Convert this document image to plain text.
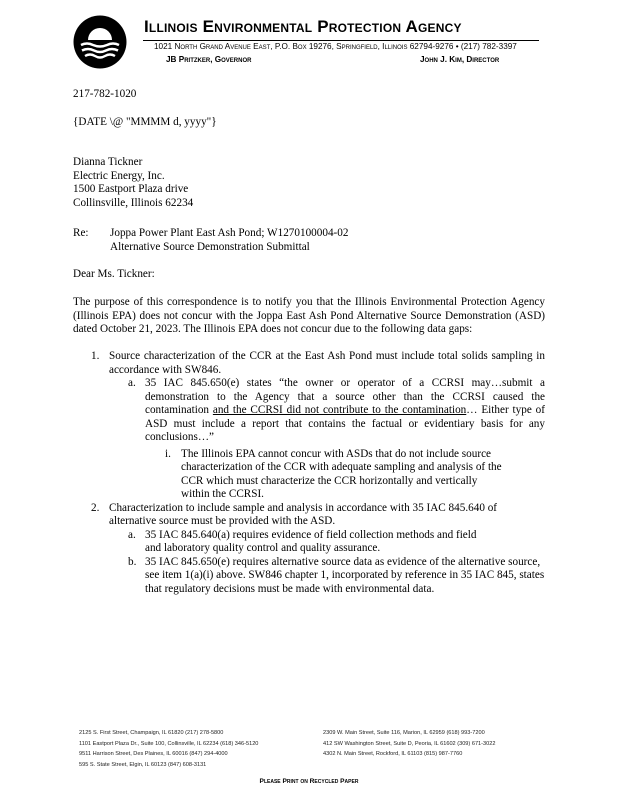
Illinois Environmental Protection Agency
1021 North Grand Avenue East, P.O. Box 19276, Springfield, Illinois 62794-9276 • (217) 782-3397
JB Pritzker, Governor	John J. Kim, Director
217-782-1020
{DATE \@ "MMMM d, yyyy"}
Dianna Tickner
Electric Energy, Inc.
1500 Eastport Plaza drive
Collinsville, Illinois 62234
Re: Joppa Power Plant East Ash Pond; W1270100004-02
Alternative Source Demonstration Submittal
Dear Ms. Tickner:
The purpose of this correspondence is to notify you that the Illinois Environmental Protection Agency (Illinois EPA) does not concur with the Joppa East Ash Pond Alternative Source Demonstration (ASD) dated October 21, 2023. The Illinois EPA does not concur due to the following data gaps:
1. Source characterization of the CCR at the East Ash Pond must include total solids sampling in accordance with SW846.
a. 35 IAC 845.650(e) states “the owner or operator of a CCRSI may…submit a demonstration to the Agency that a source other than the CCRSI caused the contamination and the CCRSI did not contribute to the contamination… Either type of ASD must include a report that contains the factual or evidentiary basis for any conclusions…”
i. The Illinois EPA cannot concur with ASDs that do not include source characterization of the CCR with adequate sampling and analysis of the CCR which must characterize the CCR horizontally and vertically within the CCRSI.
2. Characterization to include sample and analysis in accordance with 35 IAC 845.640 of alternative source must be provided with the ASD.
a. 35 IAC 845.640(a) requires evidence of field collection methods and field and laboratory quality control and quality assurance.
b. 35 IAC 845.650(e) requires alternative source data as evidence of the alternative source, see item 1(a)(i) above. SW846 chapter 1, incorporated by reference in 35 IAC 845, states that regulatory decisions must be made with environmental data.
2125 S. First Street, Champaign, IL 61820 (217) 278-5800
1101 Eastport Plaza Dr., Suite 100, Collinsville, IL 62234 (618) 346-5120
9511 Harrison Street, Des Plaines, IL 60016 (847) 294-4000
595 S. State Street, Elgin, IL 60123 (847) 608-3131
2309 W. Main Street, Suite 116, Marion, IL 62959 (618) 993-7200
412 SW Washington Street, Suite D, Peoria, IL 61602 (309) 671-3022
4302 N. Main Street, Rockford, IL 61103 (815) 987-7760
Please Print on Recycled Paper
